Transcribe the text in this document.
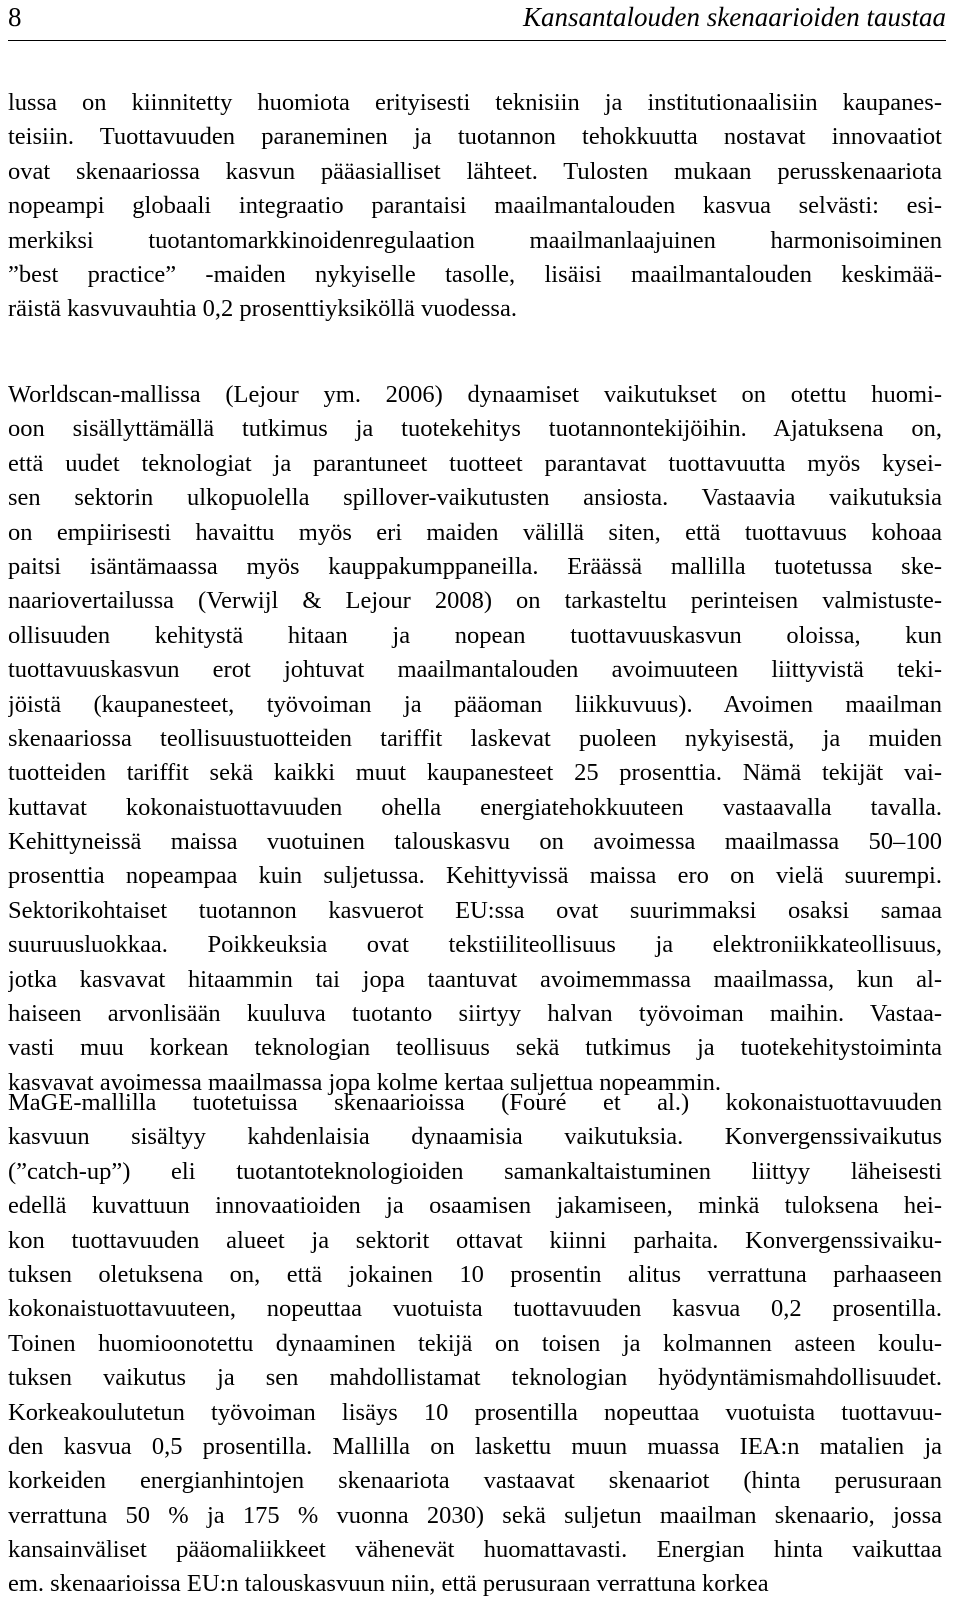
8	Kansantalouden skenaarioiden taustaa
lussa on kiinnitetty huomiota erityisesti teknisiin ja institutionaalisiin kaupanes-
teisiin. Tuottavuuden paraneminen ja tuotannon tehokkuutta nostavat innovaatiot
ovat skenaariossa kasvun pääasialliset lähteet. Tulosten mukaan perusskenaariota
nopeampi globaali integraatio parantaisi maailmantalouden kasvua selvästi: esi-
merkiksi tuotantomarkkinoidenregulaation maailmanlaajuinen harmonisoiminen
”best practice” -maiden nykyiselle tasolle, lisäisi maailmantalouden keskimää-
räistä kasvuvauhtia 0,2 prosenttiyksiköllä vuodessa.
Worldscan-mallissa (Lejour ym. 2006) dynaamiset vaikutukset on otettu huomi-
oon sisällyttämällä tutkimus ja tuotekehitys tuotannontekijöihin. Ajatuksena on,
että uudet teknologiat ja parantuneet tuotteet parantavat tuottavuutta myös kysei-
sen sektorin ulkopuolella spillover-vaikutusten ansiosta. Vastaavia vaikutuksia
on empiirisesti havaittu myös eri maiden välillä siten, että tuottavuus kohoaa
paitsi isäntämaassa myös kauppakumppaneilla. Eräässä mallilla tuotetussa ske-
naariovertailussa (Verwijl & Lejour 2008) on tarkasteltu perinteisen valmistuste-
ollisuuden kehitystä hitaan ja nopean tuottavuuskasvun oloissa, kun
tuottavuuskasvun erot johtuvat maailmantalouden avoimuuteen liittyvistä teki-
jöistä (kaupanesteet, työvoiman ja pääoman liikkuvuus). Avoimen maailman
skenaariossa teollisuustuotteiden tariffit laskevat puoleen nykyisestä, ja muiden
tuotteiden tariffit sekä kaikki muut kaupanesteet 25 prosenttia. Nämä tekijät vai-
kuttavat kokonaistuottavuuden ohella energiatehokkuuteen vastaavalla tavalla.
Kehittyneissä maissa vuotuinen talouskasvu on avoimessa maailmassa 50–100
prosenttia nopeampaa kuin suljetussa. Kehittyvissä maissa ero on vielä suurempi.
Sektorikohtaiset tuotannon kasvuerot EU:ssa ovat suurimmaksi osaksi samaa
suuruusluokkaa. Poikkeuksia ovat tekstiiliteollisuus ja elektroniikkateollisuus,
jotka kasvavat hitaammin tai jopa taantuvat avoimemmassa maailmassa, kun al-
haiseen arvonlisään kuuluva tuotanto siirtyy halvan työvoiman maihin. Vastaa-
vasti muu korkean teknologian teollisuus sekä tutkimus ja tuotekehitystoiminta
kasvavat avoimessa maailmassa jopa kolme kertaa suljettua nopeammin.
MaGE-mallilla tuotetuissa skenaarioissa (Fouré et al.) kokonaistuottavuuden
kasvuun sisältyy kahdenlaisia dynaamisia vaikutuksia. Konvergenssivaikutus
(”catch-up”) eli tuotantoteknologioiden samankaltaistuminen liittyy läheisesti
edellä kuvattuun innovaatioiden ja osaamisen jakamiseen, minkä tuloksena hei-
kon tuottavuuden alueet ja sektorit ottavat kiinni parhaita. Konvergenssivaiku-
tuksen oletuksena on, että jokainen 10 prosentin alitus verrattuna parhaaseen
kokonaistuottavuuteen, nopeuttaa vuotuista tuottavuuden kasvua 0,2 prosentilla.
Toinen huomioonotettu dynaaminen tekijä on toisen ja kolmannen asteen koulu-
tuksen vaikutus ja sen mahdollistamat teknologian hyödyntämismahdollisuudet.
Korkeakoulutetun työvoiman lisäys 10 prosentilla nopeuttaa vuotuista tuottavuu-
den kasvua 0,5 prosentilla. Mallilla on laskettu muun muassa IEA:n matalien ja
korkeiden energianhintojen skenaariota vastaavat skenaariot (hinta perusuraan
verrattuna 50 % ja 175 % vuonna 2030) sekä suljetun maailman skenaario, jossa
kansainväliset pääomaliikkeet vähenevät huomattavasti. Energian hinta vaikuttaa
em. skenaarioissa EU:n talouskasvuun niin, että perusuraan verrattuna korkea
